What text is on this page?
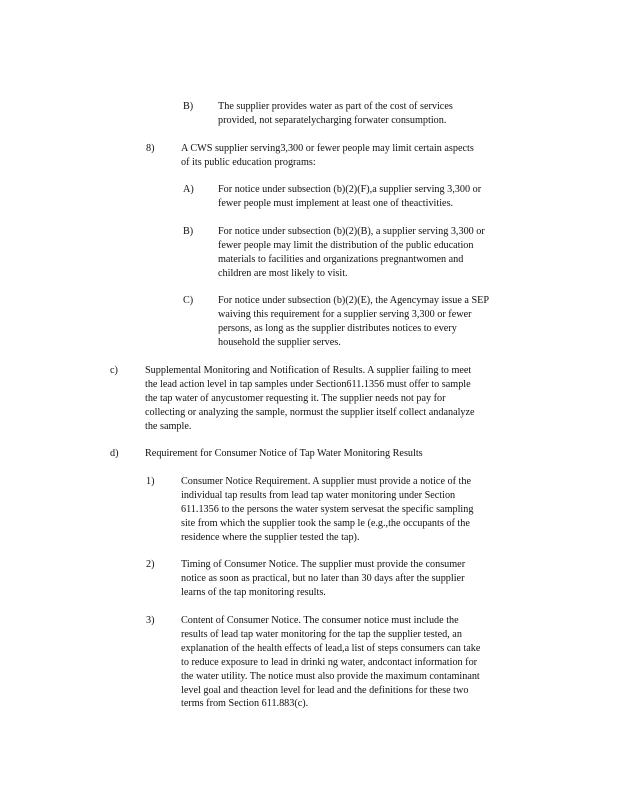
B) The supplier provides water as part of the cost of services
provided, not separatelycharging forwater consumption.
8)	A CWS supplier serving3,300 or fewer people may limit certain aspects
of its public education programs:
A) For notice under subsection (b)(2)(F),a supplier serving 3,300 or
fewer people must implement at least one of theactivities.
B) For notice under subsection (b)(2)(B), a supplier serving 3,300 or
fewer people may limit the distribution of the public education
materials to facilities and organizations pregnantwomen and
children are most likely to visit.
C) For notice under subsection (b)(2)(E), the Agencymay issue a SEP
waiving this requirement for a supplier serving 3,300 or fewer
persons, as long as the supplier distributes notices to every
household the supplier serves.
c)	Supplemental Monitoring and Notification of Results. A supplier failing to meet
the lead action level in tap samples under Section611.1356 must offer to sample
the tap water of anycustomer requesting it. The supplier needs not pay for
collecting or analyzing the sample, normust the supplier itself collect andanalyze
the sample.
d)	Requirement for Consumer Notice of Tap Water Monitoring Results
1)	Consumer Notice Requirement. A supplier must provide a notice of the
individual tap results from lead tap water monitoring under Section
611.1356 to the persons the water system servesat the specific sampling
site from which the supplier took the samp le (e.g.,the occupants of the
residence where the supplier tested the tap).
2)	Timing of Consumer Notice. The supplier must provide the consumer
notice as soon as practical, but no later than 30 days after the supplier
learns of the tap monitoring results.
3)	Content of Consumer Notice. The consumer notice must include the
results of lead tap water monitoring for the tap the supplier tested, an
explanation of the health effects of lead,a list of steps consumers can take
to reduce exposure to lead in drinki ng water, andcontact information for
the water utility. The notice must also provide the maximum contaminant
level goal and theaction level for lead and the definitions for these two
terms from Section 611.883(c).
